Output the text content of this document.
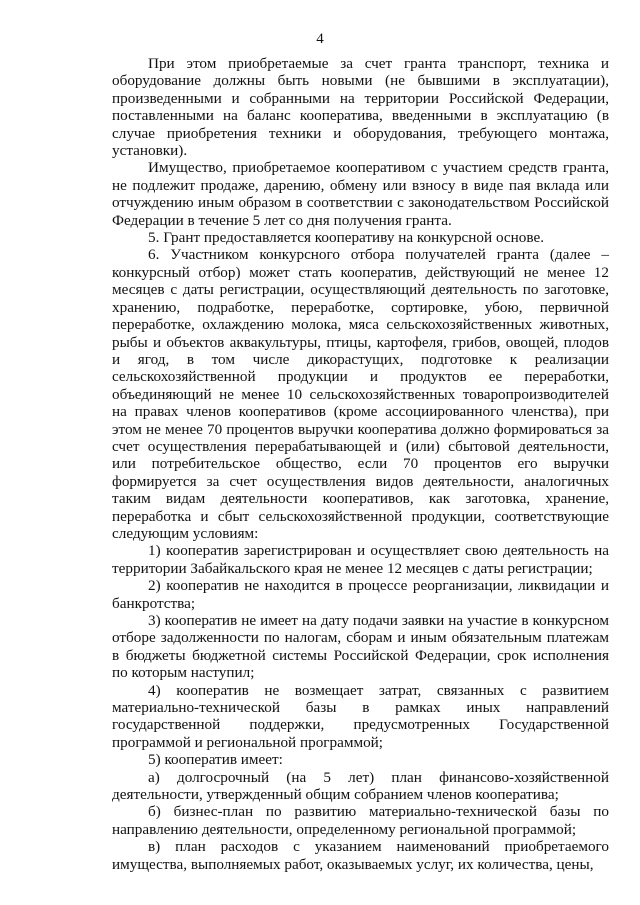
4

При этом приобретаемые за счет гранта транспорт, техника и оборудование должны быть новыми (не бывшими в эксплуатации), произведенными и собранными на территории Российской Федерации, поставленными на баланс кооператива, введенными в эксплуатацию (в случае приобретения техники и оборудования, требующего монтажа, установки).

Имущество, приобретаемое кооперативом с участием средств гранта, не подлежит продаже, дарению, обмену или взносу в виде пая вклада или отчуждению иным образом в соответствии с законодательством Российской Федерации в течение 5 лет со дня получения гранта.

5. Грант предоставляется кооперативу на конкурсной основе.

6. Участником конкурсного отбора получателей гранта (далее – конкурсный отбор) может стать кооператив, действующий не менее 12 месяцев с даты регистрации, осуществляющий деятельность по заготовке, хранению, подработке, переработке, сортировке, убою, первичной переработке, охлаждению молока, мяса сельскохозяйственных животных, рыбы и объектов аквакультуры, птицы, картофеля, грибов, овощей, плодов и ягод, в том числе дикорастущих, подготовке к реализации сельскохозяйственной продукции и продуктов ее переработки, объединяющий не менее 10 сельскохозяйственных товаропроизводителей на правах членов кооперативов (кроме ассоциированного членства), при этом не менее 70 процентов выручки кооператива должно формироваться за счет осуществления перерабатывающей и (или) сбытовой деятельности, или потребительское общество, если 70 процентов его выручки формируется за счет осуществления видов деятельности, аналогичных таким видам деятельности кооперативов, как заготовка, хранение, переработка и сбыт сельскохозяйственной продукции, соответствующие следующим условиям:

1) кооператив зарегистрирован и осуществляет свою деятельность на территории Забайкальского края не менее 12 месяцев с даты регистрации;

2) кооператив не находится в процессе реорганизации, ликвидации и банкротства;

3) кооператив не имеет на дату подачи заявки на участие в конкурсном отборе задолженности по налогам, сборам и иным обязательным платежам в бюджеты бюджетной системы Российской Федерации, срок исполнения по которым наступил;

4) кооператив не возмещает затрат, связанных с развитием материально-технической базы в рамках иных направлений государственной поддержки, предусмотренных Государственной программой и региональной программой;

5) кооператив имеет:

а) долгосрочный (на 5 лет) план финансово-хозяйственной деятельности, утвержденный общим собранием членов кооператива;

б) бизнес-план по развитию материально-технической базы по направлению деятельности, определенному региональной программой;

в) план расходов с указанием наименований приобретаемого имущества, выполняемых работ, оказываемых услуг, их количества, цены,
